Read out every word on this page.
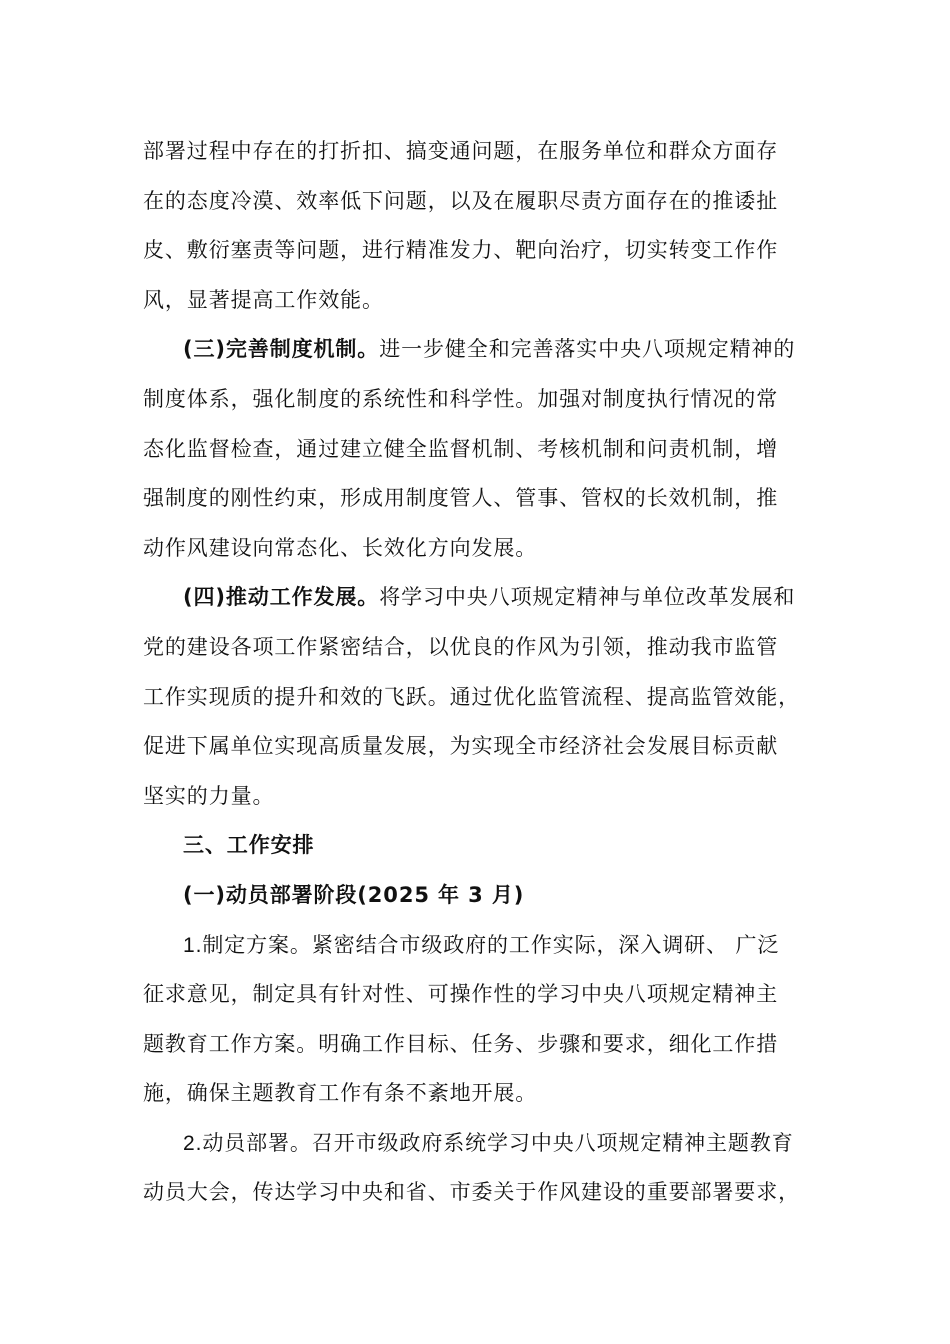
部署过程中存在的打折扣、搞变通问题，在服务单位和群众方面存
在的态度冷漠、效率低下问题，以及在履职尽责方面存在的推诿扯
皮、敷衍塞责等问题，进行精准发力、靶向治疗，切实转变工作作
风，显著提高工作效能。
(三)完善制度机制。进一步健全和完善落实中央八项规定精神的
制度体系，强化制度的系统性和科学性。加强对制度执行情况的常
态化监督检查，通过建立健全监督机制、考核机制和问责机制，增
强制度的刚性约束，形成用制度管人、管事、管权的长效机制，推
动作风建设向常态化、长效化方向发展。
(四)推动工作发展。将学习中央八项规定精神与单位改革发展和
党的建设各项工作紧密结合，以优良的作风为引领，推动我市监管
工作实现质的提升和效的飞跃。通过优化监管流程、提高监管效能，
促进下属单位实现高质量发展，为实现全市经济社会发展目标贡献
坚实的力量。
三、工作安排
(一)动员部署阶段(2025 年 3 月)
1.制定方案。紧密结合市级政府的工作实际，深入调研、 广泛
征求意见，制定具有针对性、可操作性的学习中央八项规定精神主
题教育工作方案。明确工作目标、任务、步骤和要求，细化工作措
施，确保主题教育工作有条不紊地开展。
2.动员部署。召开市级政府系统学习中央八项规定精神主题教育
动员大会，传达学习中央和省、市委关于作风建设的重要部署要求，
